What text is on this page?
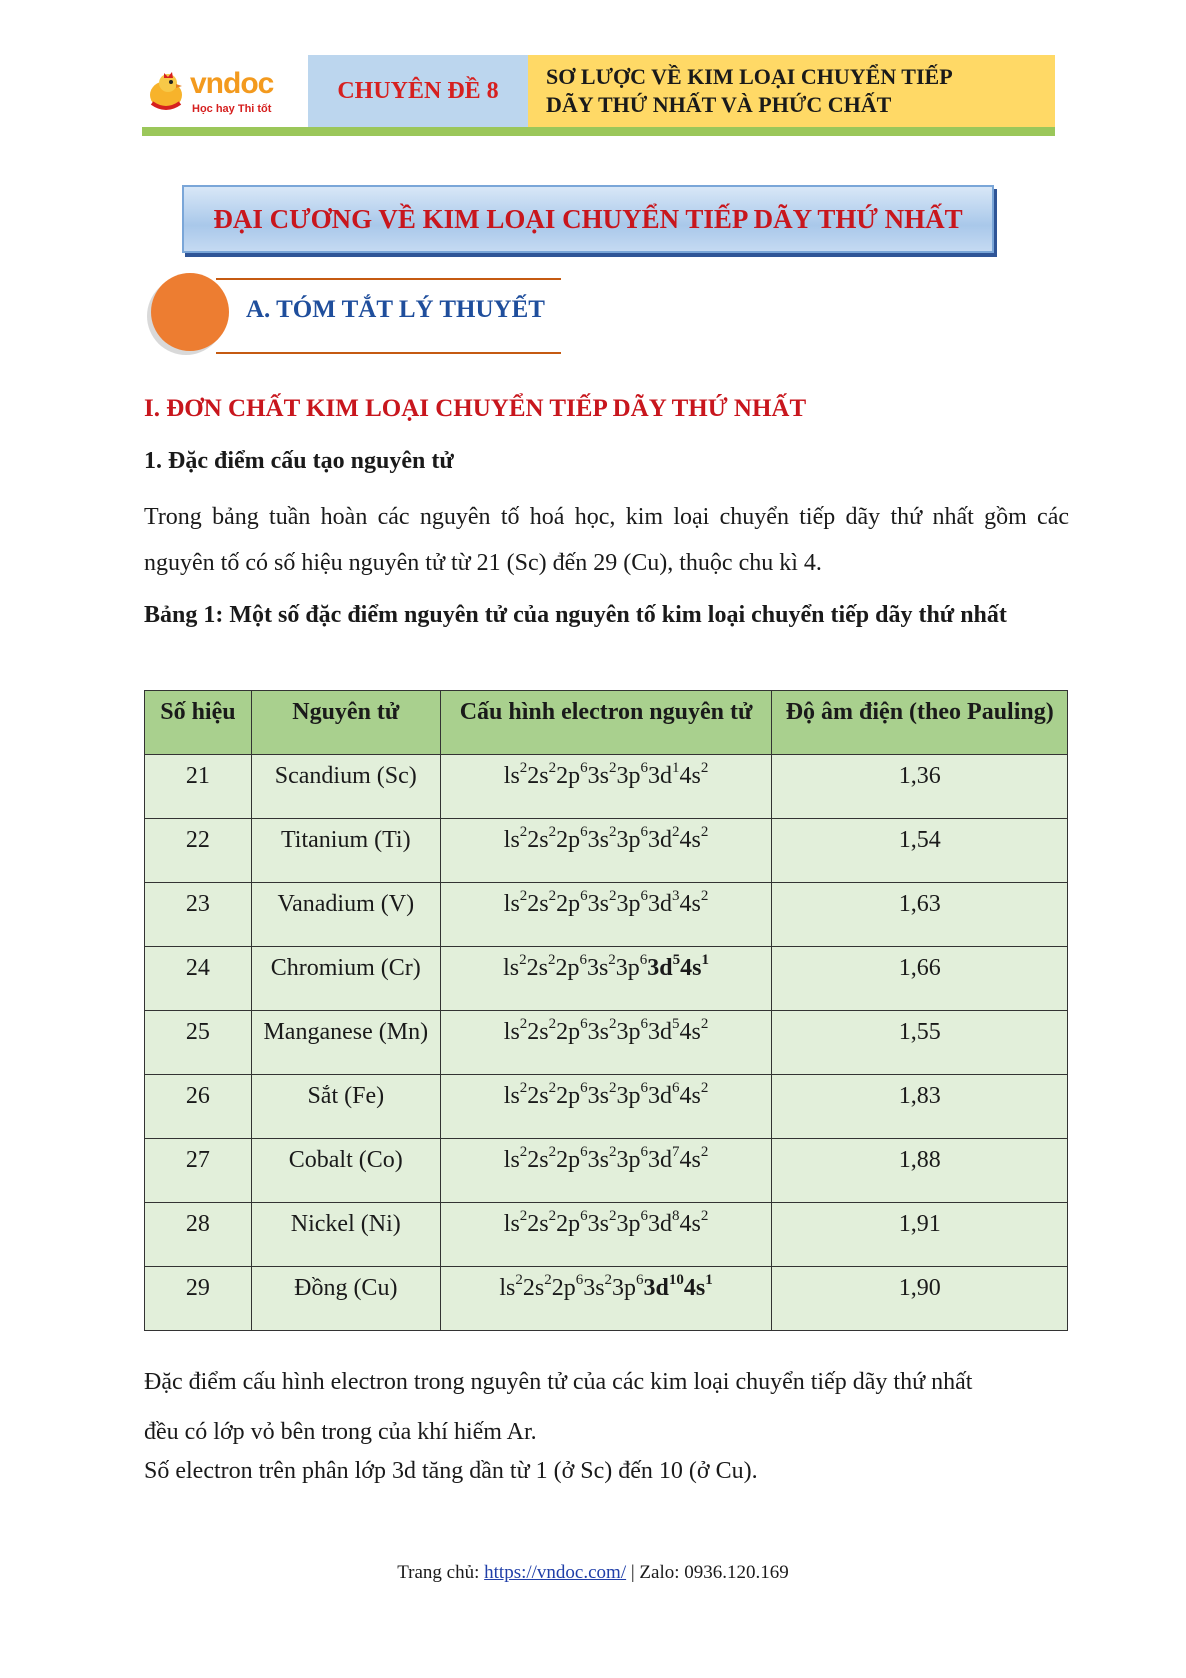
vndoc
Học hay Thi tốt
CHUYÊN ĐỀ 8
SƠ LƯỢC VỀ KIM LOẠI CHUYỂN TIẾP
DÃY THỨ NHẤT VÀ PHỨC CHẤT
ĐẠI CƯƠNG VỀ KIM LOẠI CHUYỂN TIẾP DÃY THỨ NHẤT
A. TÓM TẮT LÝ THUYẾT
I. ĐƠN CHẤT KIM LOẠI CHUYỂN TIẾP DÃY THỨ NHẤT
1. Đặc điểm cấu tạo nguyên tử
Trong bảng tuần hoàn các nguyên tố hoá học, kim loại chuyển tiếp dãy thứ nhất gồm các nguyên tố có số hiệu nguyên tử từ 21 (Sc) đến 29 (Cu), thuộc chu kì 4.
Bảng 1: Một số đặc điểm nguyên tử của nguyên tố kim loại chuyển tiếp dãy thứ nhất
Số hiệu	Nguyên tử	Cấu hình electron nguyên tử	Độ âm điện (theo Pauling)
21	Scandium (Sc)	$ls^22s^22p^63s^23p^63d^14s^2$	1,36
22	Titanium (Ti)	$ls^22s^22p^63s^23p^63d^24s^2$	1,54
23	Vanadium (V)	$ls^22s^22p^63s^23p^63d^34s^2$	1,63
24	Chromium (Cr)	$ls^22s^22p^63s^23p^63d^54s^1$	1,66
25	Manganese (Mn)	$ls^22s^22p^63s^23p^63d^54s^2$	1,55
26	Sắt (Fe)	$ls^22s^22p^63s^23p^63d^64s^2$	1,83
27	Cobalt (Co)	$ls^22s^22p^63s^23p^63d^74s^2$	1,88
28	Nickel (Ni)	$ls^22s^22p^63s^23p^63d^84s^2$	1,91
29	Đồng (Cu)	$ls^22s^22p^63s^23p^63d^{10}4s^1$	1,90
Đặc điểm cấu hình electron trong nguyên tử của các kim loại chuyển tiếp dãy thứ nhất đều có lớp vỏ bên trong của khí hiếm Ar.
Số electron trên phân lớp 3d tăng dần từ 1 (ở Sc) đến 10 (ở Cu).
Trang chủ: https://vndoc.com/ | Zalo: 0936.120.169
